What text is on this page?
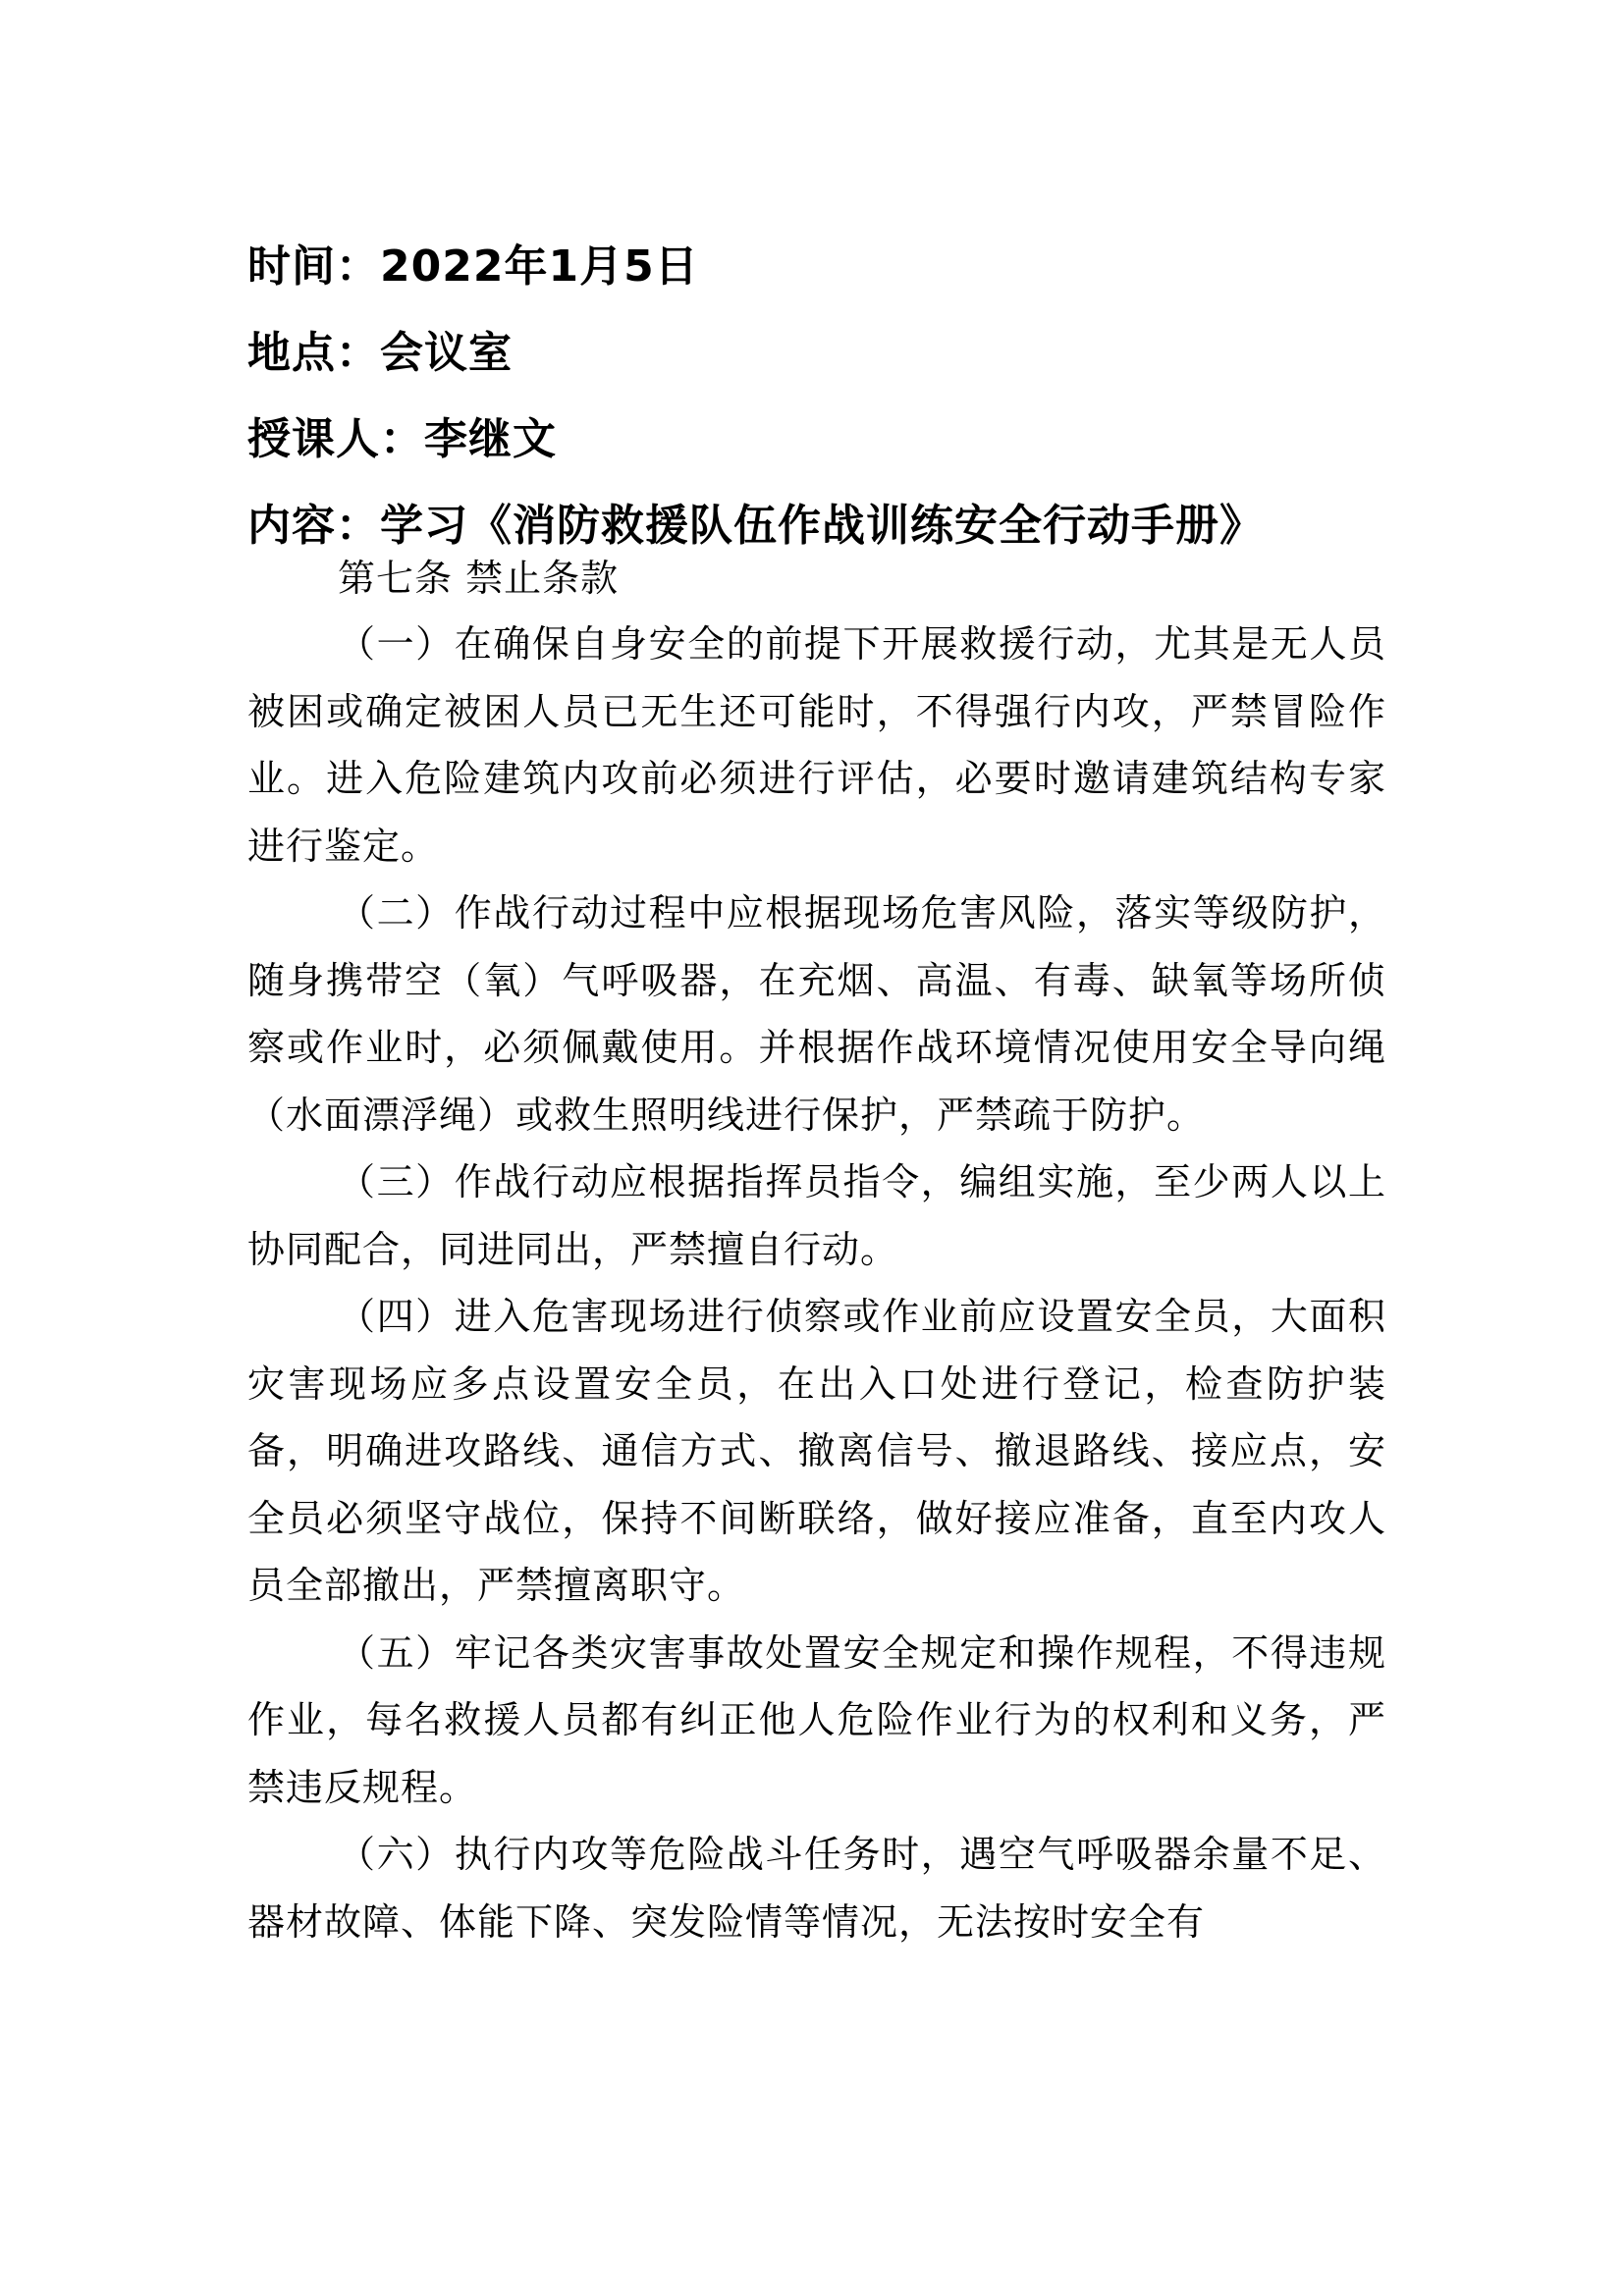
时间：2022年1月5日
地点：会议室
授课人：李继文
内容：学习《消防救援队伍作战训练安全行动手册》
第七条 禁止条款

（一）在确保自身安全的前提下开展救援行动，尤其是无人员被困或确定被困人员已无生还可能时，不得强行内攻，严禁冒险作业。进入危险建筑内攻前必须进行评估，必要时邀请建筑结构专家进行鉴定。

（二）作战行动过程中应根据现场危害风险，落实等级防护，随身携带空（氧）气呼吸器，在充烟、高温、有毒、缺氧等场所侦察或作业时，必须佩戴使用。并根据作战环境情况使用安全导向绳（水面漂浮绳）或救生照明线进行保护，严禁疏于防护。

（三）作战行动应根据指挥员指令，编组实施，至少两人以上协同配合，同进同出，严禁擅自行动。

（四）进入危害现场进行侦察或作业前应设置安全员，大面积灾害现场应多点设置安全员，在出入口处进行登记，检查防护装备，明确进攻路线、通信方式、撤离信号、撤退路线、接应点，安全员必须坚守战位，保持不间断联络，做好接应准备，直至内攻人员全部撤出，严禁擅离职守。

（五）牢记各类灾害事故处置安全规定和操作规程，不得违规作业，每名救援人员都有纠正他人危险作业行为的权利和义务，严禁违反规程。

（六）执行内攻等危险战斗任务时，遇空气呼吸器余量不足、器材故障、体能下降、突发险情等情况，无法按时安全有
